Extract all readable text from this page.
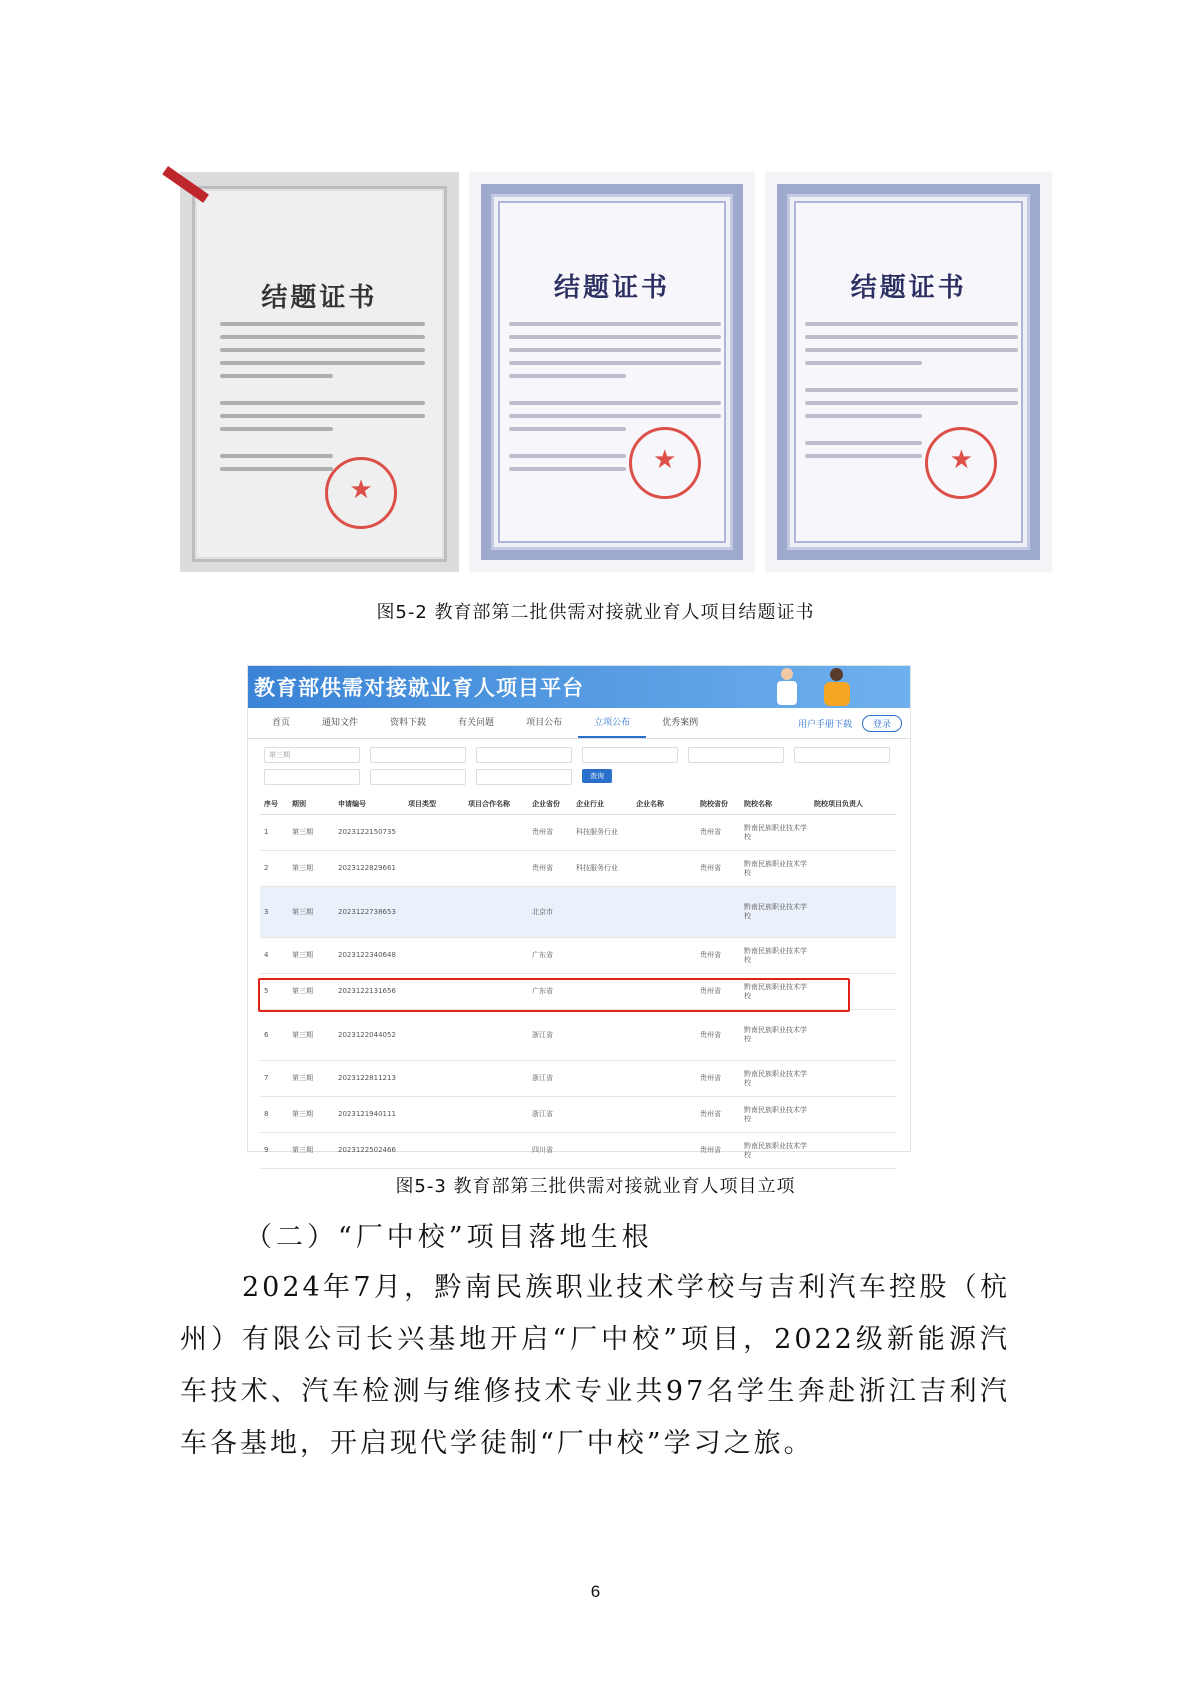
结题证书
★	结题证书
★	结题证书
★
图5-2 教育部第二批供需对接就业育人项目结题证书
教育部供需对接就业育人项目平台
首页	通知文件	资料下载	有关问题	项目公布	立项公布	优秀案例	用户手册下载	登录
第三期
查询
序号	期别	申请编号	项目类型	项目合作名称	企业省份	企业行业	企业名称	院校省份	院校名称	院校项目负责人
1	第三期	2023122150735			贵州省	科技服务行业		贵州省	黔南民族职业技术学校	
2	第三期	2023122829661			贵州省	科技服务行业		贵州省	黔南民族职业技术学校	
3	第三期	2023122738653			北京市				黔南民族职业技术学校	
4	第三期	2023122340648			广东省			贵州省	黔南民族职业技术学校	
5	第三期	2023122131656			广东省			贵州省	黔南民族职业技术学校	
6	第三期	2023122044052			浙江省			贵州省	黔南民族职业技术学校	
7	第三期	2023122811213			浙江省			贵州省	黔南民族职业技术学校	
8	第三期	2023121940111			浙江省			贵州省	黔南民族职业技术学校	
9	第三期	2023122502466			四川省			贵州省	黔南民族职业技术学校	
图5-3 教育部第三批供需对接就业育人项目立项
（二）“厂中校”项目落地生根
2024年7月，黔南民族职业技术学校与吉利汽车控股（杭州）有限公司长兴基地开启“厂中校”项目，2022级新能源汽车技术、汽车检测与维修技术专业共97名学生奔赴浙江吉利汽车各基地，开启现代学徒制“厂中校”学习之旅。
6
